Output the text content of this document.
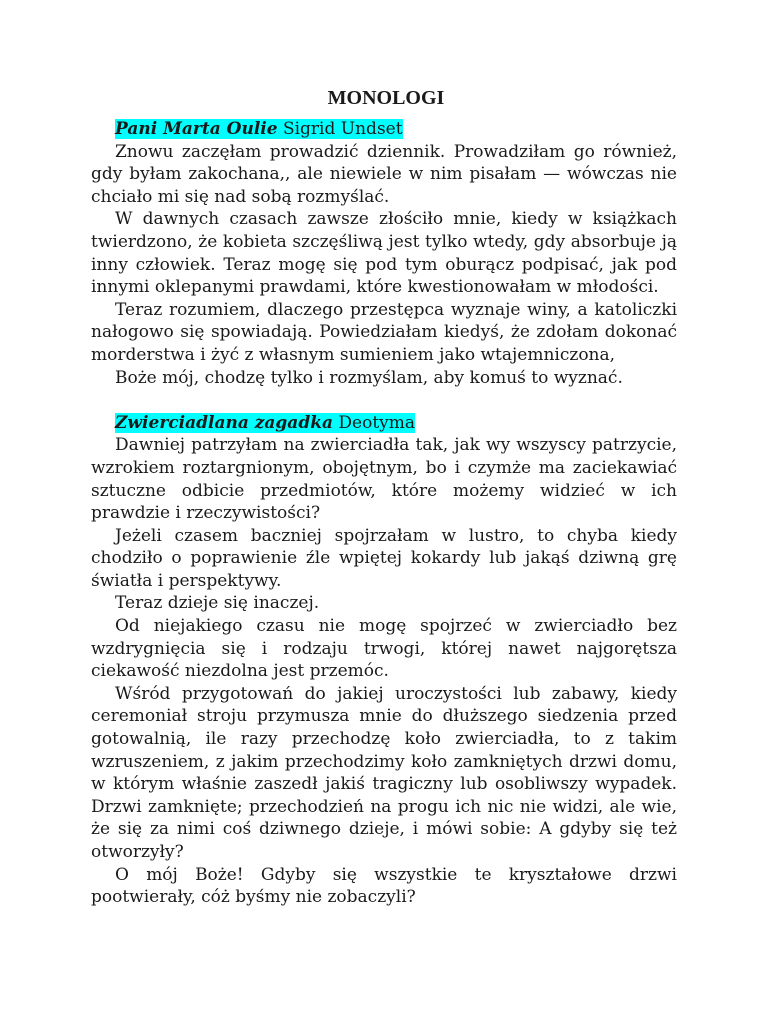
MONOLOGI

Pani Marta Oulie Sigrid Undset

Znowu zaczęłam prowadzić dziennik. Prowadziłam go również, gdy byłam zakochana,, ale niewiele w nim pisałam — wówczas nie chciało mi się nad sobą rozmyślać.

W dawnych czasach zawsze złościło mnie, kiedy w książkach twierdzono, że kobieta szczęśliwą jest tylko wtedy, gdy absorbuje ją inny człowiek. Teraz mogę się pod tym oburącz podpisać, jak pod innymi oklepanymi prawdami, które kwestionowałam w młodości.

Teraz rozumiem, dlaczego przestępca wyznaje winy, a katoliczki nałogowo się spowiadają. Powiedziałam kiedyś, że zdołam dokonać morderstwa i żyć z własnym sumieniem jako wtajemniczona,

Boże mój, chodzę tylko i rozmyślam, aby komuś to wyznać.

Zwierciadlana zagadka Deotyma

Dawniej patrzyłam na zwierciadła tak, jak wy wszyscy patrzycie, wzrokiem roztargnionym, obojętnym, bo i czymże ma zaciekawiać sztuczne odbicie przedmiotów, które możemy widzieć w ich prawdzie i rzeczywistości?

Jeżeli czasem baczniej spojrzałam w lustro, to chyba kiedy chodziło o poprawienie źle wpiętej kokardy lub jakąś dziwną grę światła i perspektywy.

Teraz dzieje się inaczej.

Od niejakiego czasu nie mogę spojrzeć w zwierciadło bez wzdrygnięcia się i rodzaju trwogi, której nawet najgorętsza ciekawość niezdolna jest przemóc.

Wśród przygotowań do jakiej uroczystości lub zabawy, kiedy ceremoniał stroju przymusza mnie do dłuższego siedzenia przed gotowalnią, ile razy przechodzę koło zwierciadła, to z takim wzruszeniem, z jakim przechodzimy koło zamkniętych drzwi domu, w którym właśnie zaszedł jakiś tragiczny lub osobliwszy wypadek. Drzwi zamknięte; przechodzień na progu ich nic nie widzi, ale wie, że się za nimi coś dziwnego dzieje, i mówi sobie: A gdyby się też otworzyły?

O mój Boże! Gdyby się wszystkie te kryształowe drzwi pootwierały, cóż byśmy nie zobaczyli?
